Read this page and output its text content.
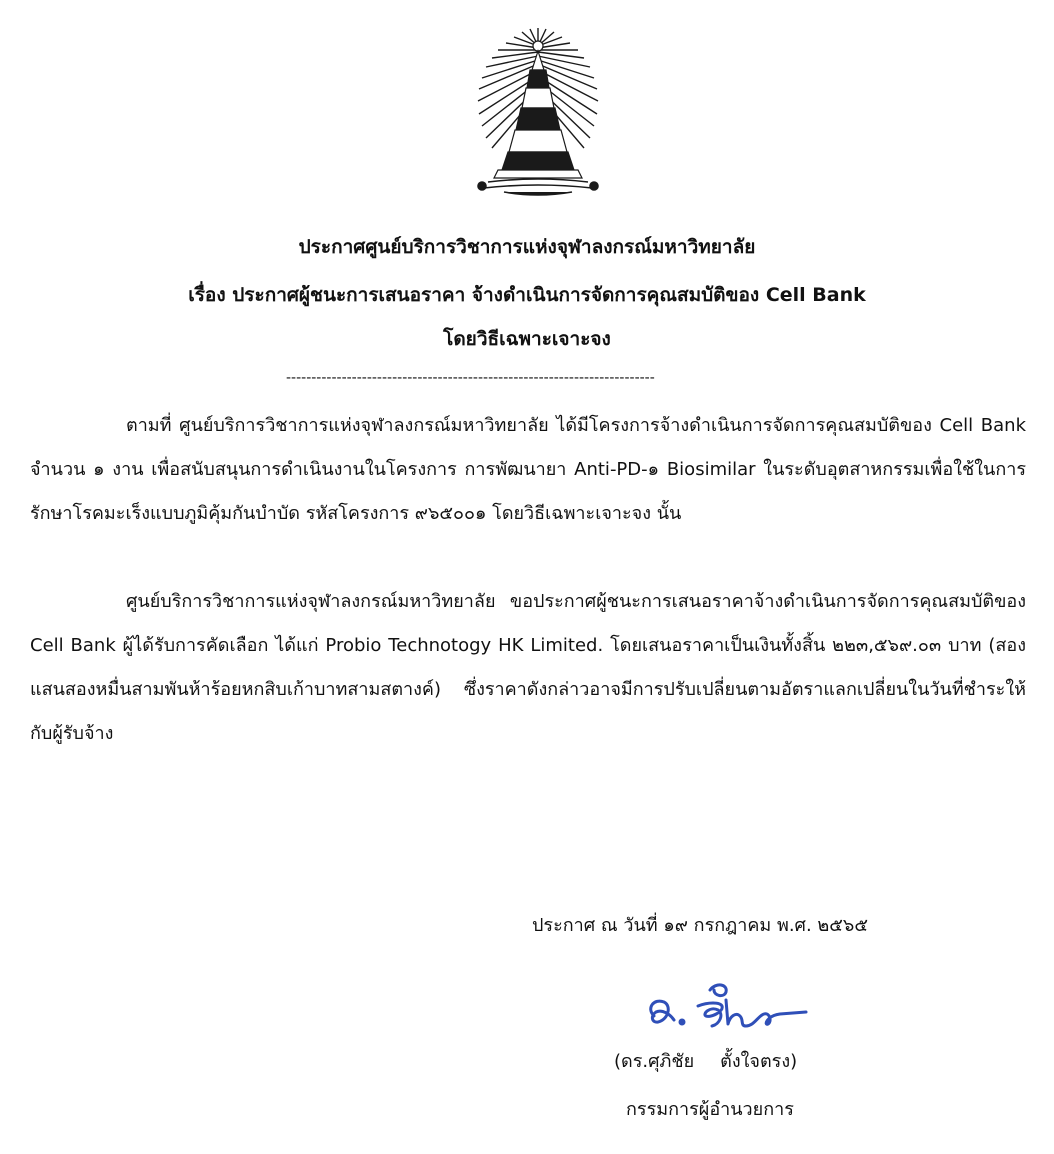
ประกาศศูนย์บริการวิชาการแห่งจุฬาลงกรณ์มหาวิทยาลัย
เรื่อง ประกาศผู้ชนะการเสนอราคา จ้างดำเนินการจัดการคุณสมบัติของ Cell Bank
โดยวิธีเฉพาะเจาะจง
-------------------------------------------------------------------------
ตามที่ ศูนย์บริการวิชาการแห่งจุฬาลงกรณ์มหาวิทยาลัย ได้มีโครงการจ้างดำเนินการจัดการคุณสมบัติของ Cell Bank จำนวน ๑ งาน เพื่อสนับสนุนการดำเนินงานในโครงการ การพัฒนายา Anti-PD-๑ Biosimilar ในระดับอุตสาหกรรมเพื่อใช้ในการรักษาโรคมะเร็งแบบภูมิคุ้มกันบำบัด รหัสโครงการ ๙๖๕๐๐๑ โดยวิธีเฉพาะเจาะจง นั้น
ศูนย์บริการวิชาการแห่งจุฬาลงกรณ์มหาวิทยาลัย ขอประกาศผู้ชนะการเสนอราคาจ้างดำเนินการจัดการคุณสมบัติของ Cell Bank ผู้ได้รับการคัดเลือก ได้แก่ Probio Technotogy HK Limited. โดยเสนอราคาเป็นเงินทั้งสิ้น ๒๒๓,๕๖๙.๐๓ บาท (สองแสนสองหมื่นสามพันห้าร้อยหกสิบเก้าบาทสามสตางค์) ซึ่งราคาดังกล่าวอาจมีการปรับเปลี่ยนตามอัตราแลกเปลี่ยนในวันที่ชำระให้กับผู้รับจ้าง
ประกาศ ณ วันที่ ๑๙ กรกฎาคม พ.ศ. ๒๕๖๕
(ดร.ศุภิชัย ตั้งใจตรง)
กรรมการผู้อำนวยการ
